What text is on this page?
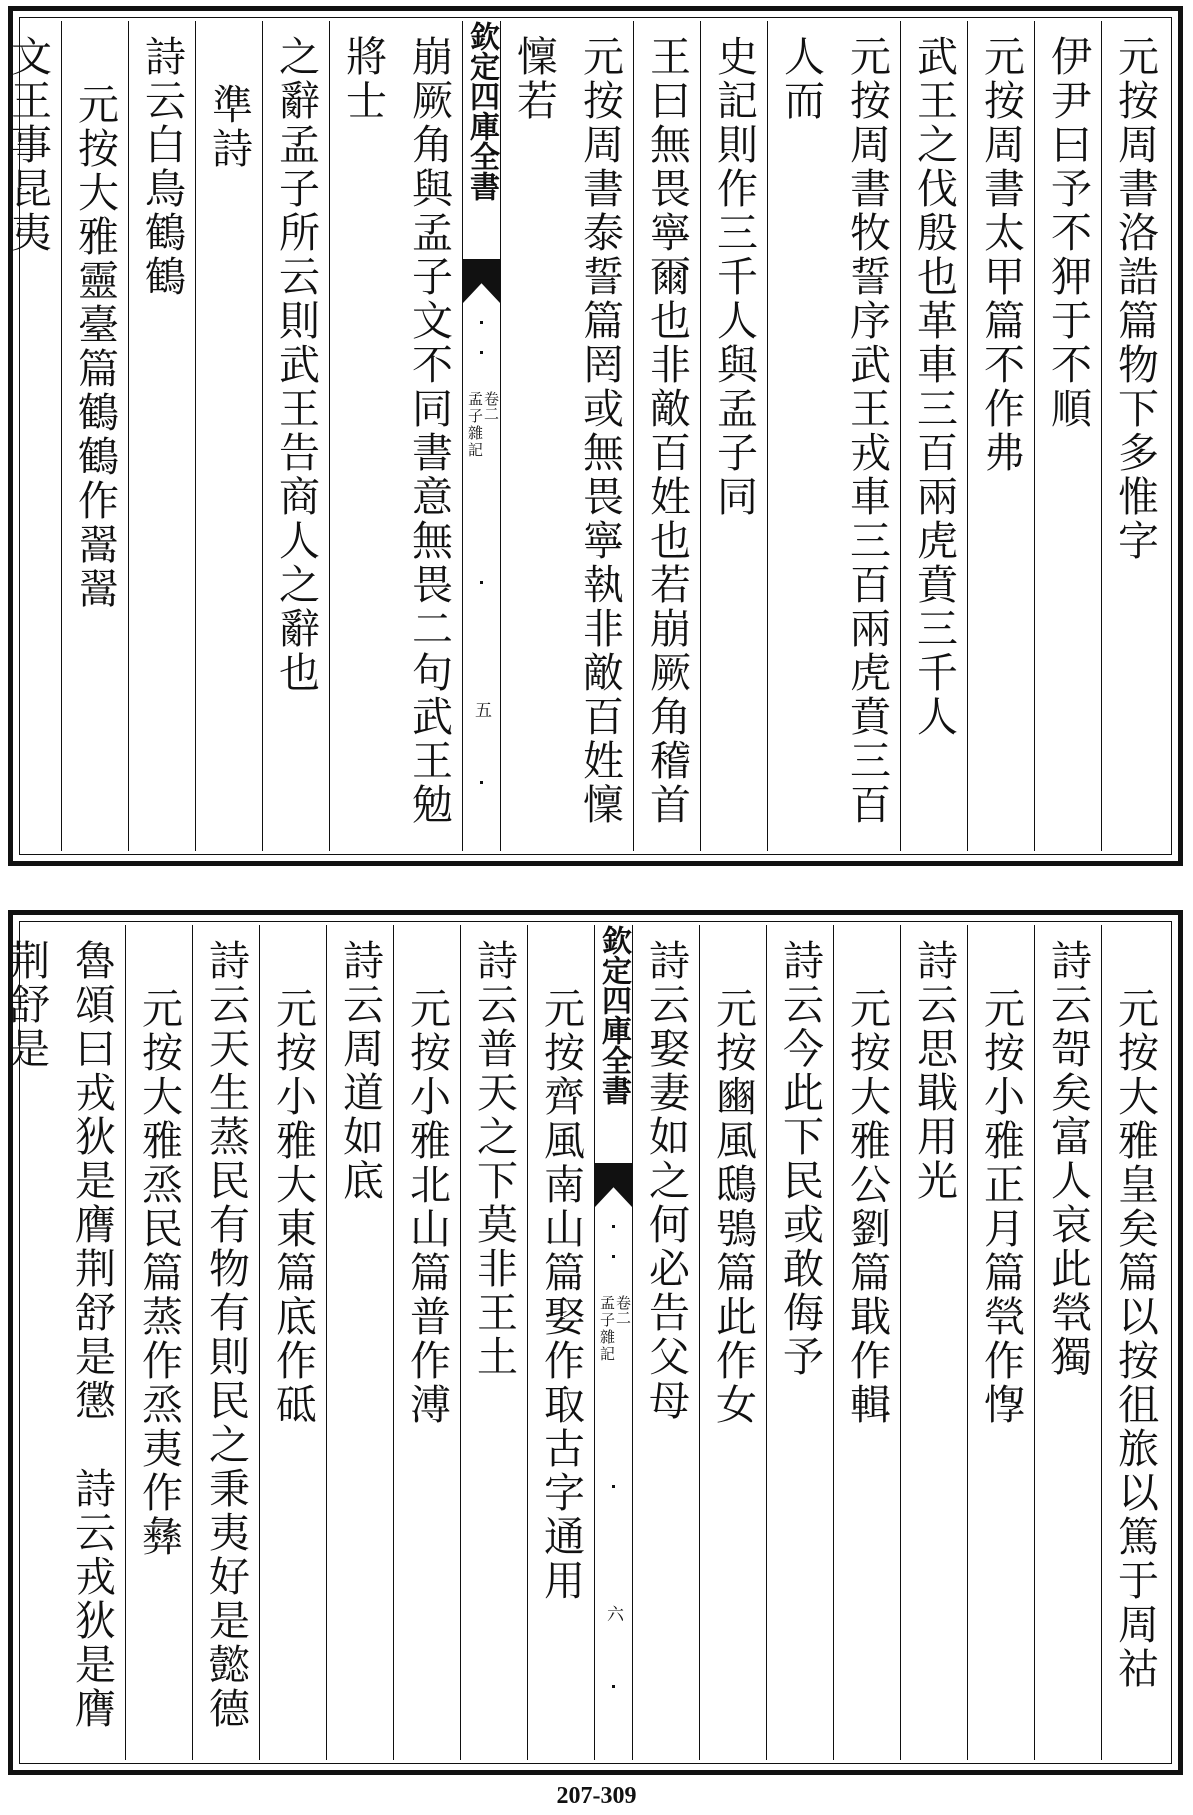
元按周書洛誥篇物下多惟字
伊尹曰予不狎于不順
元按周書太甲篇不作弗
武王之伐殷也革車三百兩虎賁三千人
元按周書牧誓序武王戎車三百兩虎賁三百人而
史記則作三千人與孟子同
王曰無畏寧爾也非敵百姓也若崩厥角稽首
元按周書泰誓篇罔或無畏寧執非敵百姓懍懍若
欽定四庫全書
孟子雜記
卷二
五
崩厥角與孟子文不同書意無畏二句武王勉將士
之辭孟子所云則武王告商人之辭也
準詩
詩云白鳥鶴鶴
元按大雅靈臺篇鶴鶴作翯翯
文王事昆夷
元按大雅皇矣篇以按徂旅以篤于周祜
詩云哿矣富人哀此煢獨
元按小雅正月篇煢作惸
詩云思戢用光
元按大雅公劉篇戢作輯
詩云今此下民或敢侮予
元按豳風鴟鴞篇此作女
詩云娶妻如之何必告父母
欽定四庫全書
孟子雜記
卷二
六
元按齊風南山篇娶作取古字通用
詩云普天之下莫非王土
元按小雅北山篇普作溥
詩云周道如底
元按小雅大東篇底作砥
詩云天生蒸民有物有則民之秉夷好是懿德
元按大雅烝民篇蒸作烝夷作彝
魯頌曰戎狄是膺荆舒是懲　詩云戎狄是膺荆舒是
207-309
